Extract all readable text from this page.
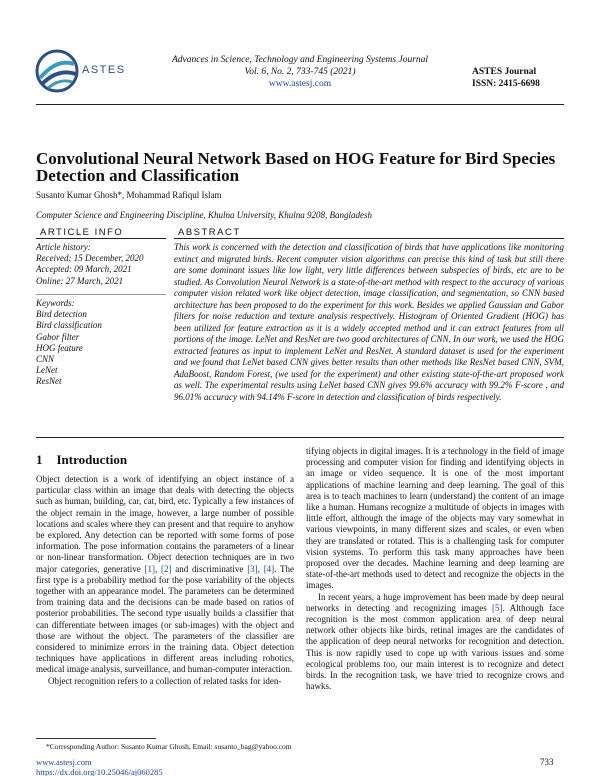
ASTES
Advances in Science, Technology and Engineering Systems Journal
Vol. 6, No. 2, 733-745 (2021)
www.astesj.com
ASTES Journal
ISSN: 2415-6698
Convolutional Neural Network Based on HOG Feature for Bird Species Detection and Classification
Susanto Kumar Ghosh*, Mohammad Rafiqul Islam
Computer Science and Engineering Discipline, Khulna University, Khulna 9208, Bangladesh
ARTICLE INFO	ABSTRACT
Article history:
Received: 15 December, 2020
Accepted: 09 March, 2021
Online: 27 March, 2021
Keywords:
Bird detection
Bird classification
Gabor filter
HOG feature
CNN
LeNet
ResNet
This work is concerned with the detection and classification of birds that have applications like monitoring extinct and migrated birds. Recent computer vision algorithms can precise this kind of task but still there are some dominant issues like low light, very little differences between subspecies of birds, etc are to be studied. As Convolution Neural Network is a state-of-the-art method with respect to the accuracy of various computer vision related work like object detection, image classification, and segmentation, so CNN based architecture has been proposed to do the experiment for this work. Besides we applied Gaussian and Gabor filters for noise reduction and texture analysis respectively. Histogram of Oriented Gradient (HOG) has been utilized for feature extraction as it is a widely accepted method and it can extract features from all portions of the image. LeNet and ResNet are two good architectures of CNN. In our work, we used the HOG extracted features as input to implement LeNet and ResNet. A standard dataset is used for the experiment and we found that LeNet based CNN gives better results than other methods like ResNet based CNN, SVM, AdaBoost, Random Forest, (we used for the experiment) and other existing state-of-the-art proposed work as well. The experimental results using LeNet based CNN gives 99.6% accuracy with 99.2% F-score , and 96.01% accuracy with 94.14% F-score in detection and classification of birds respectively.
1 Introduction

Object detection is a work of identifying an object instance of a particular class within an image that deals with detecting the objects such as human, building, car, cat, bird, etc. Typically a few instances of the object remain in the image, however, a large number of possible locations and scales where they can present and that require to anyhow be explored. Any detection can be reported with some forms of pose information. The pose information contains the parameters of a linear or non-linear transformation. Object detection techniques are in two major categories, generative [1], [2] and discriminative [3], [4]. The first type is a probability method for the pose variability of the objects together with an appearance model. The parameters can be determined from training data and the decisions can be made based on ratios of posterior probabilities. The second type usually builds a classifier that can differentiate between images (or sub-images) with the object and those are without the object. The parameters of the classifier are considered to minimize errors in the training data. Object detection techniques have applications in different areas including robotics, medical image analysis, surveillance, and human-computer interaction.

Object recognition refers to a collection of related tasks for iden-

tifying objects in digital images. It is a technology in the field of image processing and computer vision for finding and identifying objects in an image or video sequence. It is one of the most important applications of machine learning and deep learning. The goal of this area is to teach machines to learn (understand) the content of an image like a human. Humans recognize a multitude of objects in images with little effort, although the image of the objects may vary somewhat in various viewpoints, in many different sizes and scales, or even when they are translated or rotated. This is a challenging task for computer vision systems. To perform this task many approaches have been proposed over the decades. Machine learning and deep learning are state-of-the-art methods used to detect and recognize the objects in the images.

In recent years, a huge improvement has been made by deep neural networks in detecting and recognizing images [5]. Although face recognition is the most common application area of deep neural network other objects like birds, retinal images are the candidates of the application of deep neural networks for recognition and detection. This is now rapidly used to cope up with various issues and some ecological problems too, our main interest is to recognize and detect birds. In the recognition task, we have tried to recognize crows and hawks.

*Corresponding Author: Susanto Kumar Ghosh, Email: susanto_bag@yahoo.com
www.astesj.com
https://dx.doi.org/10.25046/aj060285
733
